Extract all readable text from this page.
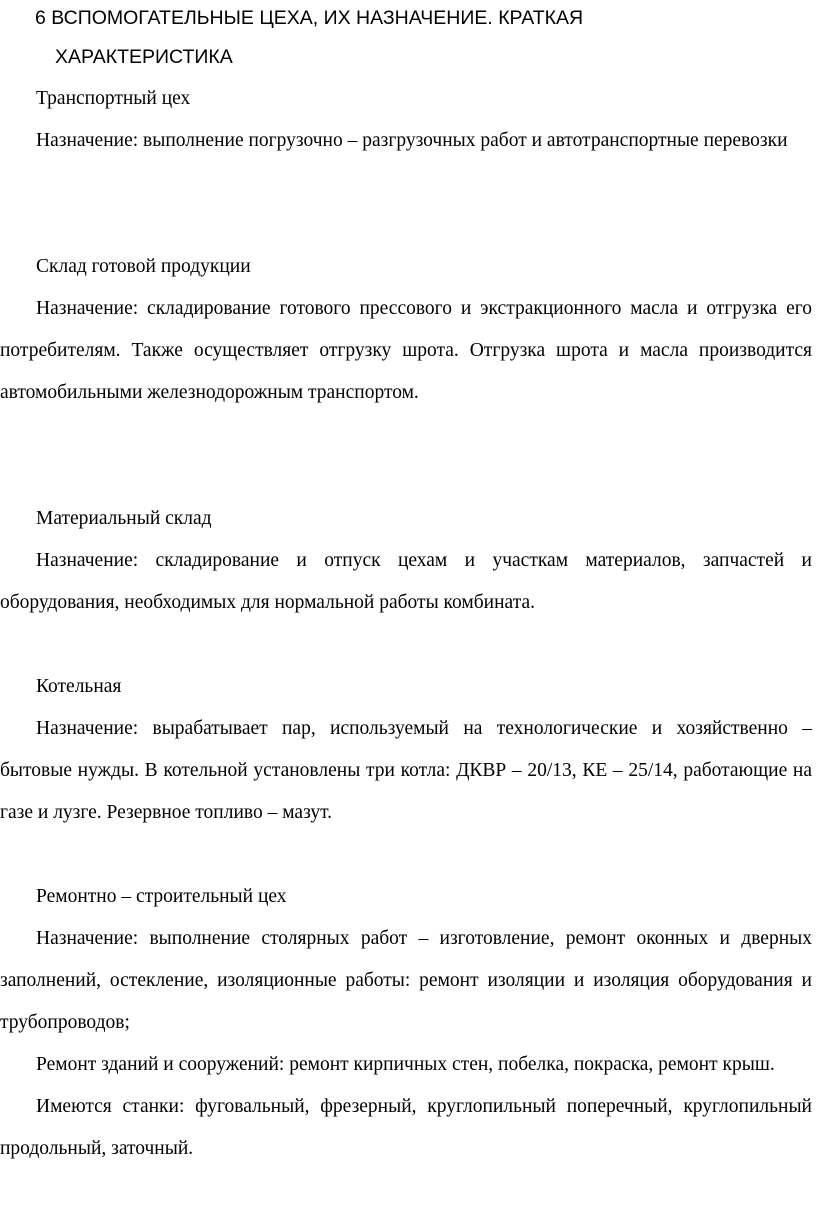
6 ВСПОМОГАТЕЛЬНЫЕ ЦЕХА, ИХ НАЗНАЧЕНИЕ. КРАТКАЯ
ХАРАКТЕРИСТИКА

Транспортный цех

Назначение: выполнение погрузочно – разгрузочных работ и автотранспортные перевозки

Склад готовой продукции

Назначение: складирование готового прессового и экстракционного масла и отгрузка его потребителям. Также осуществляет отгрузку шрота. Отгрузка шрота и масла производится автомобильными железнодорожным транспортом.

Материальный склад

Назначение: складирование и отпуск цехам и участкам материалов, запчастей и оборудования, необходимых для нормальной работы комбината.

Котельная

Назначение: вырабатывает пар, используемый на технологические и хозяйственно – бытовые нужды. В котельной установлены три котла: ДКВР – 20/13, КЕ – 25/14, работающие на газе и лузге. Резервное топливо – мазут.

Ремонтно – строительный цех

Назначение: выполнение столярных работ – изготовление, ремонт оконных и дверных заполнений, остекление, изоляционные работы: ремонт изоляции и изоляция оборудования и трубопроводов;

Ремонт зданий и сооружений: ремонт кирпичных стен, побелка, покраска, ремонт крыш.

Имеются станки: фуговальный, фрезерный, круглопильный поперечный, круглопильный продольный, заточный.
